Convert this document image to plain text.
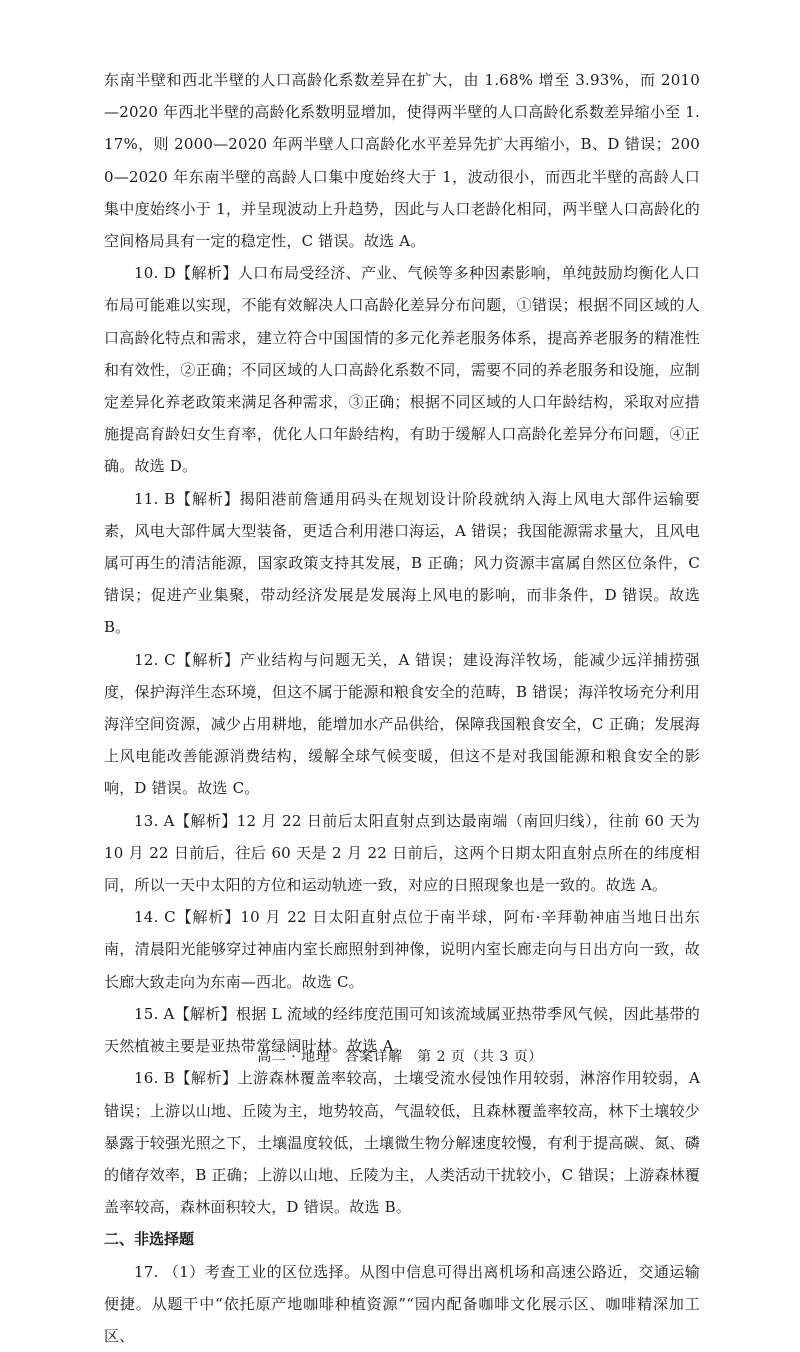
东南半壁和西北半壁的人口高龄化系数差异在扩大，由 1.68% 增至 3.93%，而 2010—2020 年西北半壁的高龄化系数明显增加，使得两半壁的人口高龄化系数差异缩小至 1.17%，则 2000—2020 年两半壁人口高龄化水平差异先扩大再缩小，B、D 错误；2000—2020 年东南半壁的高龄人口集中度始终大于 1，波动很小，而西北半壁的高龄人口集中度始终小于 1，并呈现波动上升趋势，因此与人口老龄化相同，两半壁人口高龄化的空间格局具有一定的稳定性，C 错误。故选 A。

10. D【解析】人口布局受经济、产业、气候等多种因素影响，单纯鼓励均衡化人口布局可能难以实现，不能有效解决人口高龄化差异分布问题，①错误；根据不同区域的人口高龄化特点和需求，建立符合中国国情的多元化养老服务体系，提高养老服务的精准性和有效性，②正确；不同区域的人口高龄化系数不同，需要不同的养老服务和设施，应制定差异化养老政策来满足各种需求，③正确；根据不同区域的人口年龄结构，采取对应措施提高育龄妇女生育率，优化人口年龄结构，有助于缓解人口高龄化差异分布问题，④正确。故选 D。

11. B【解析】揭阳港前詹通用码头在规划设计阶段就纳入海上风电大部件运输要素，风电大部件属大型装备，更适合利用港口海运，A 错误；我国能源需求量大，且风电属可再生的清洁能源，国家政策支持其发展，B 正确；风力资源丰富属自然区位条件，C 错误；促进产业集聚，带动经济发展是发展海上风电的影响，而非条件，D 错误。故选 B。

12. C【解析】产业结构与问题无关，A 错误；建设海洋牧场，能减少远洋捕捞强度，保护海洋生态环境，但这不属于能源和粮食安全的范畴，B 错误；海洋牧场充分利用海洋空间资源，减少占用耕地，能增加水产品供给，保障我国粮食安全，C 正确；发展海上风电能改善能源消费结构，缓解全球气候变暖，但这不是对我国能源和粮食安全的影响，D 错误。故选 C。

13. A【解析】12 月 22 日前后太阳直射点到达最南端（南回归线），往前 60 天为 10 月 22 日前后，往后 60 天是 2 月 22 日前后，这两个日期太阳直射点所在的纬度相同，所以一天中太阳的方位和运动轨迹一致，对应的日照现象也是一致的。故选 A。

14. C【解析】10 月 22 日太阳直射点位于南半球，阿布·辛拜勒神庙当地日出东南，清晨阳光能够穿过神庙内室长廊照射到神像，说明内室长廊走向与日出方向一致，故长廊大致走向为东南—西北。故选 C。

15. A【解析】根据 L 流域的经纬度范围可知该流域属亚热带季风气候，因此基带的天然植被主要是亚热带常绿阔叶林。故选 A。

16. B【解析】上游森林覆盖率较高，土壤受流水侵蚀作用较弱，淋溶作用较弱，A 错误；上游以山地、丘陵为主，地势较高，气温较低，且森林覆盖率较高，林下土壤较少暴露于较强光照之下，土壤温度较低，土壤微生物分解速度较慢，有利于提高碳、氮、磷的储存效率，B 正确；上游以山地、丘陵为主，人类活动干扰较小，C 错误；上游森林覆盖率较高，森林面积较大，D 错误。故选 B。

二、非选择题

17. （1）考查工业的区位选择。从图中信息可得出离机场和高速公路近，交通运输便捷。从题干中“依托原产地咖啡种植资源”“园内配备咖啡文化展示区、咖啡精深加工区、

高二 · 地理　答案详解　第 2 页（共 3 页）
